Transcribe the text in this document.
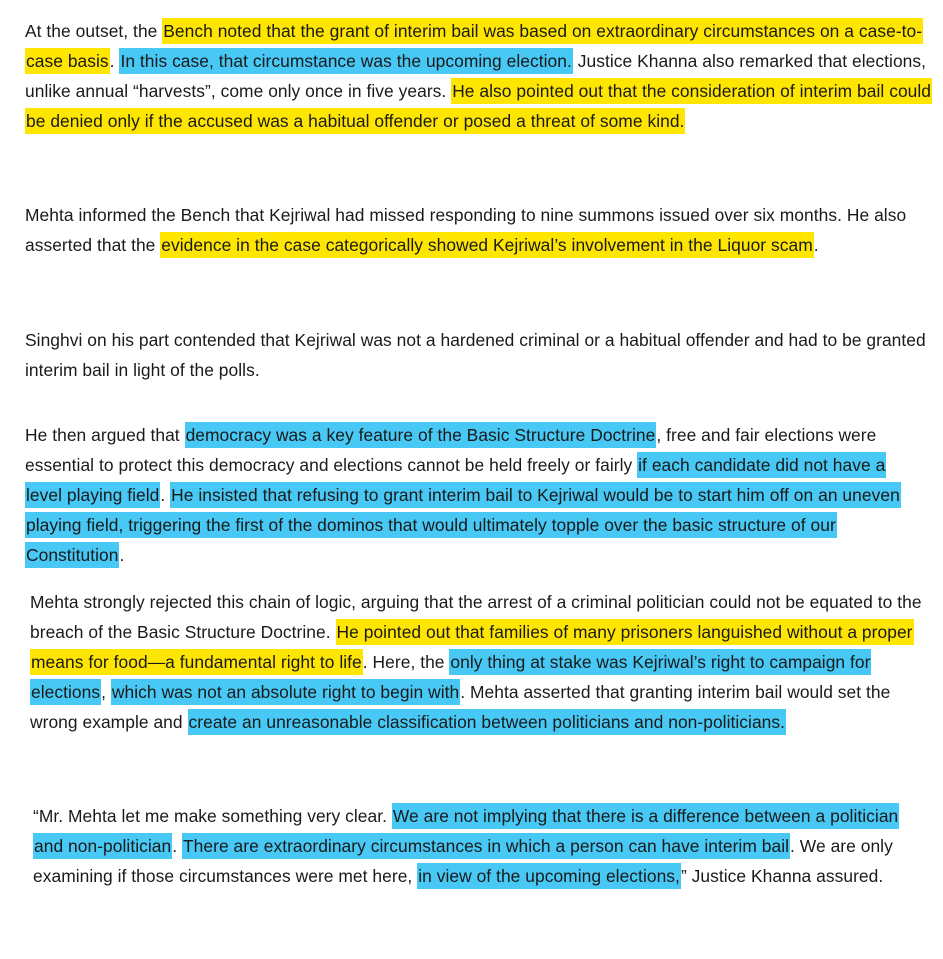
At the outset, the Bench noted that the grant of interim bail was based on extraordinary circumstances on a case-to-case basis. In this case, that circumstance was the upcoming election. Justice Khanna also remarked that elections, unlike annual “harvests”, come only once in five years. He also pointed out that the consideration of interim bail could be denied only if the accused was a habitual offender or posed a threat of some kind.

Mehta informed the Bench that Kejriwal had missed responding to nine summons issued over six months. He also asserted that the evidence in the case categorically showed Kejriwal’s involvement in the Liquor scam.

Singhvi on his part contended that Kejriwal was not a hardened criminal or a habitual offender and had to be granted interim bail in light of the polls.

He then argued that democracy was a key feature of the Basic Structure Doctrine, free and fair elections were essential to protect this democracy and elections cannot be held freely or fairly if each candidate did not have a level playing field. He insisted that refusing to grant interim bail to Kejriwal would be to start him off on an uneven playing field, triggering the first of the dominos that would ultimately topple over the basic structure of our Constitution.

Mehta strongly rejected this chain of logic, arguing that the arrest of a criminal politician could not be equated to the breach of the Basic Structure Doctrine. He pointed out that families of many prisoners languished without a proper means for food—a fundamental right to life. Here, the only thing at stake was Kejriwal’s right to campaign for elections, which was not an absolute right to begin with. Mehta asserted that granting interim bail would set the wrong example and create an unreasonable classification between politicians and non-politicians.

“Mr. Mehta let me make something very clear. We are not implying that there is a difference between a politician and non-politician. There are extraordinary circumstances in which a person can have interim bail. We are only examining if those circumstances were met here, in view of the upcoming elections,” Justice Khanna assured.
